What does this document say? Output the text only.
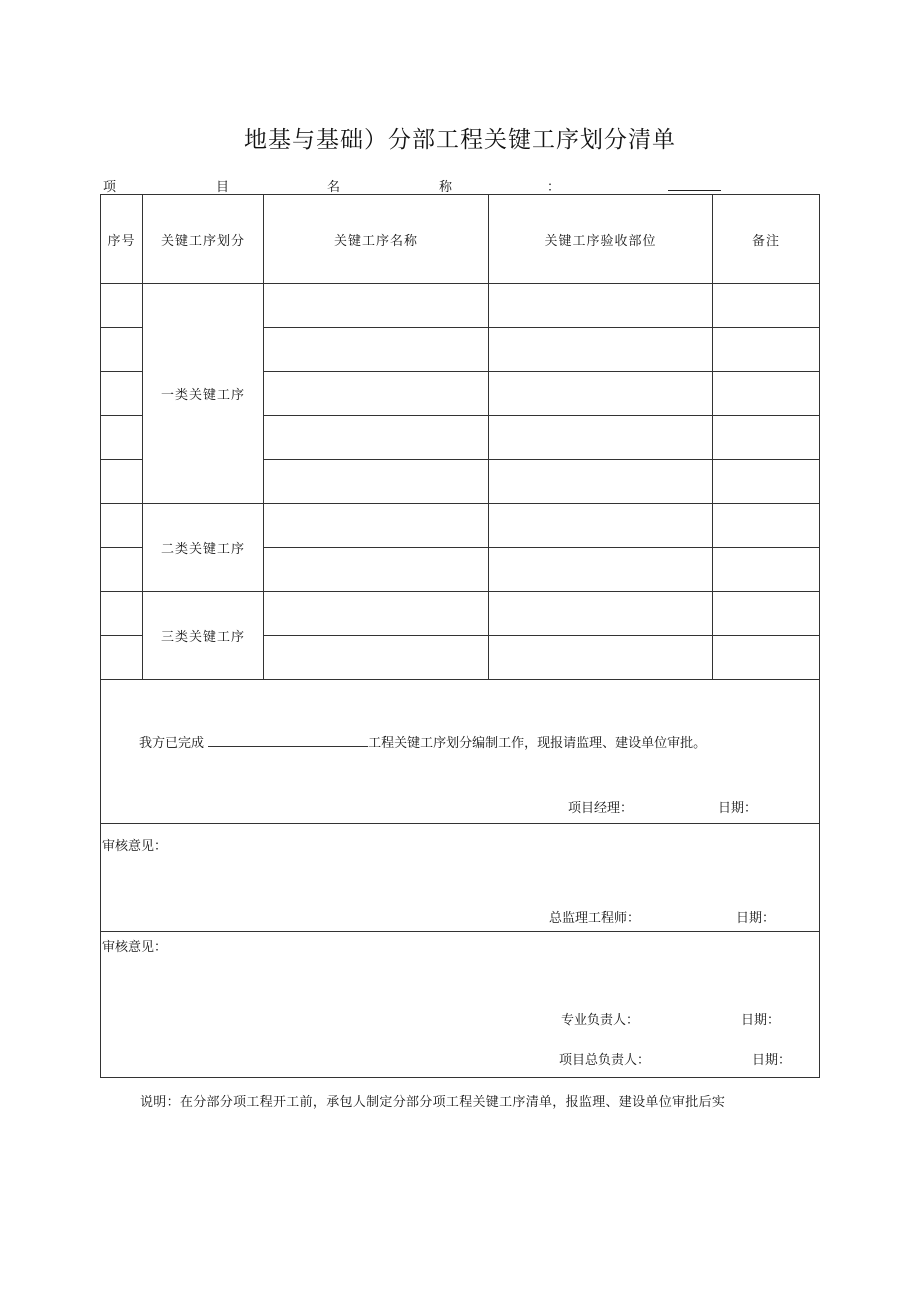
地基与基础）分部工程关键工序划分清单
项	目	名	称	：
序号	关键工序划分	关键工序名称	关键工序验收部位	备注
	一类关键工序			

	二类关键工序			

	三类关键工序			

我方已完成 工程关键工序划分编制工作，现报请监理、建设单位审批。
项目经理： 日期：				

审核意见：
总监理工程师： 日期：				

审核意见：
专业负责人： 日期：
项目总负责人： 日期：				
说明：在分部分项工程开工前，承包人制定分部分项工程关键工序清单，报监理、建设单位审批后实
